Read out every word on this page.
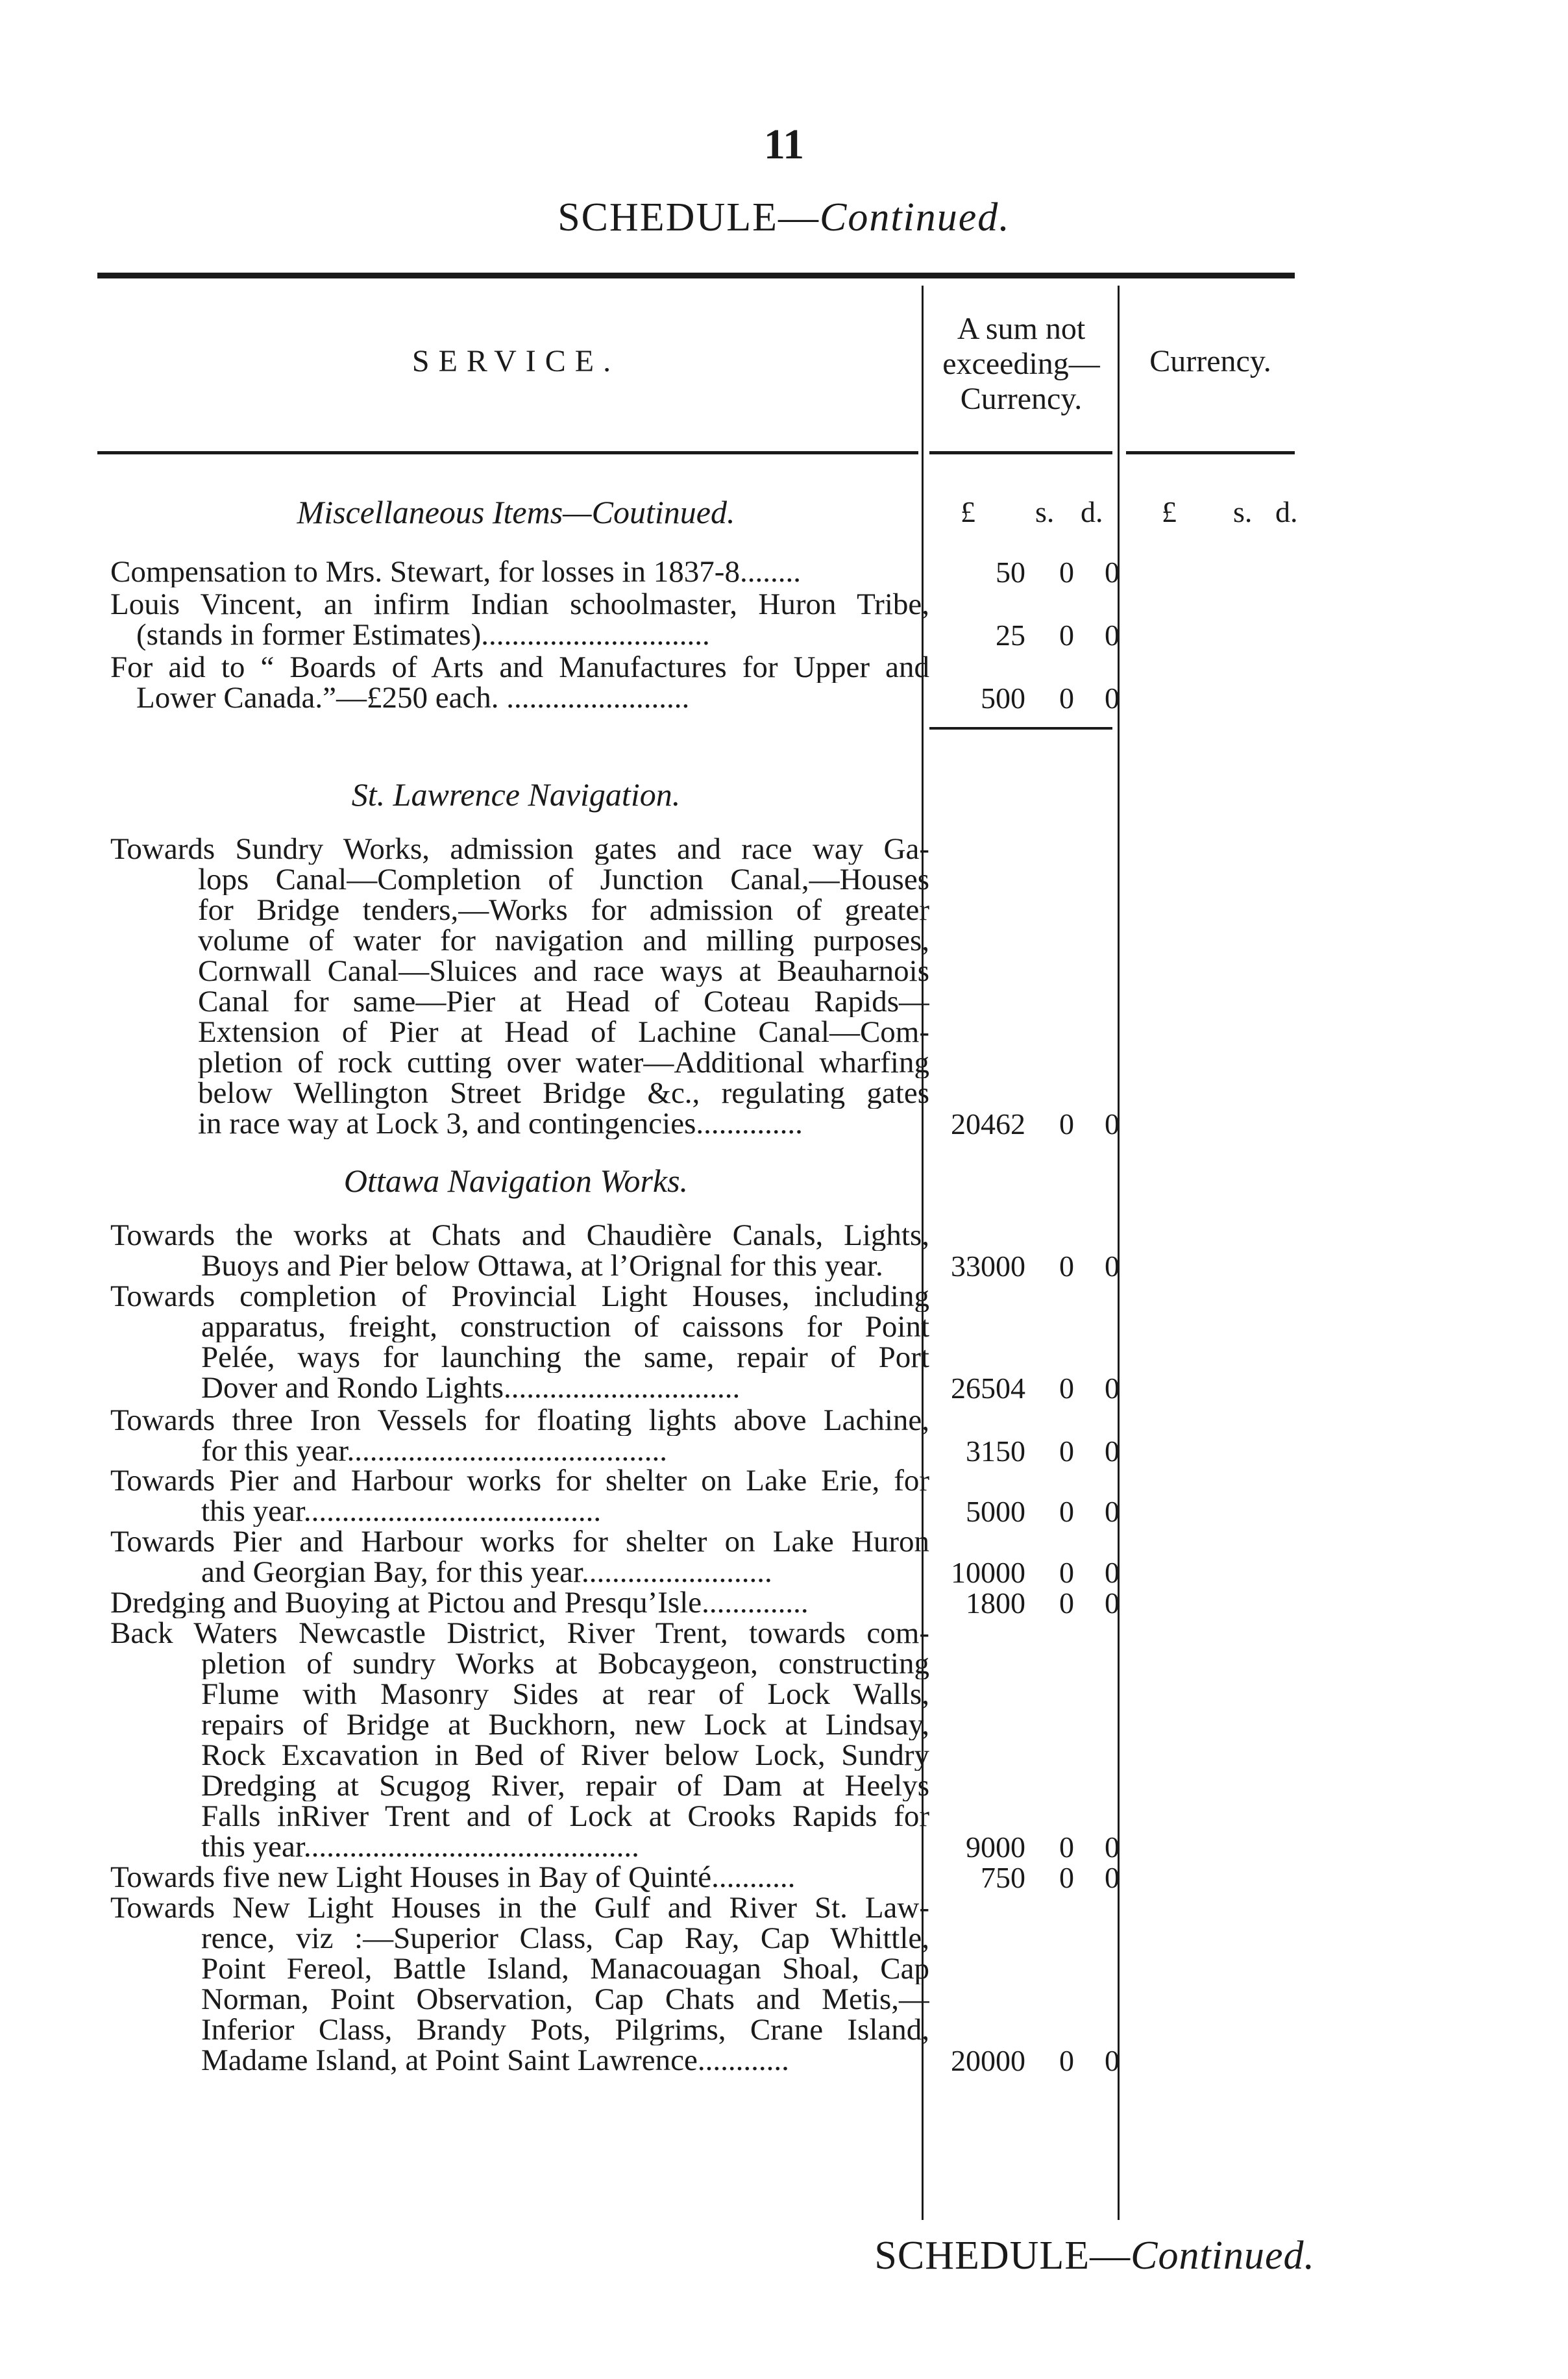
11
SCHEDULE—Continued.
SERVICE.
A sum not
exceeding—
Currency.
Currency.
Miscellaneous Items—Coutinued.	£ s. d. £ s. d.
Compensation to Mrs. Stewart, for losses in 1837-8........	50 0 0
Louis Vincent, an infirm Indian schoolmaster, Huron Tribe,
(stands in former Estimates)..............................	25 0 0
For aid to “ Boards of Arts and Manufactures for Upper and
Lower Canada.”—£250 each. ........................	500 0 0
St. Lawrence Navigation.
Towards Sundry Works, admission gates and race way Ga-
lops Canal—Completion of Junction Canal,—Houses
for Bridge tenders,—Works for admission of greater
volume of water for navigation and milling purposes,
Cornwall Canal—Sluices and race ways at Beauharnois
Canal for same—Pier at Head of Coteau Rapids—
Extension of Pier at Head of Lachine Canal—Com-
pletion of rock cutting over water—Additional wharfing
below Wellington Street Bridge &c., regulating gates
in race way at Lock 3, and contingencies..............	20462 0 0
Ottawa Navigation Works.
Towards the works at Chats and Chaudière Canals, Lights,
Buoys and Pier below Ottawa, at l’Orignal for this year.	33000 0 0
Towards completion of Provincial Light Houses, including
apparatus, freight, construction of caissons for Point
Pelée, ways for launching the same, repair of Port
Dover and Rondo Lights...............................	26504 0 0
Towards three Iron Vessels for floating lights above Lachine,
for this year..........................................	3150 0 0
Towards Pier and Harbour works for shelter on Lake Erie, for
this year.......................................	5000 0 0
Towards Pier and Harbour works for shelter on Lake Huron
and Georgian Bay, for this year.........................	10000 0 0
Dredging and Buoying at Pictou and Presqu’Isle..............	1800 0 0
Back Waters Newcastle District, River Trent, towards com-
pletion of sundry Works at Bobcaygeon, constructing
Flume with Masonry Sides at rear of Lock Walls,
repairs of Bridge at Buckhorn, new Lock at Lindsay,
Rock Excavation in Bed of River below Lock, Sundry
Dredging at Scugog River, repair of Dam at Heelys
Falls inRiver Trent and of Lock at Crooks Rapids for
this year............................................	9000 0 0
Towards five new Light Houses in Bay of Quinté...........	750 0 0
Towards New Light Houses in the Gulf and River St. Law-
rence, viz :—Superior Class, Cap Ray, Cap Whittle,
Point Fereol, Battle Island, Manacouagan Shoal, Cap
Norman, Point Observation, Cap Chats and Metis,—
Inferior Class, Brandy Pots, Pilgrims, Crane Island,
Madame Island, at Point Saint Lawrence............	20000 0 0
SCHEDULE—Continued.
